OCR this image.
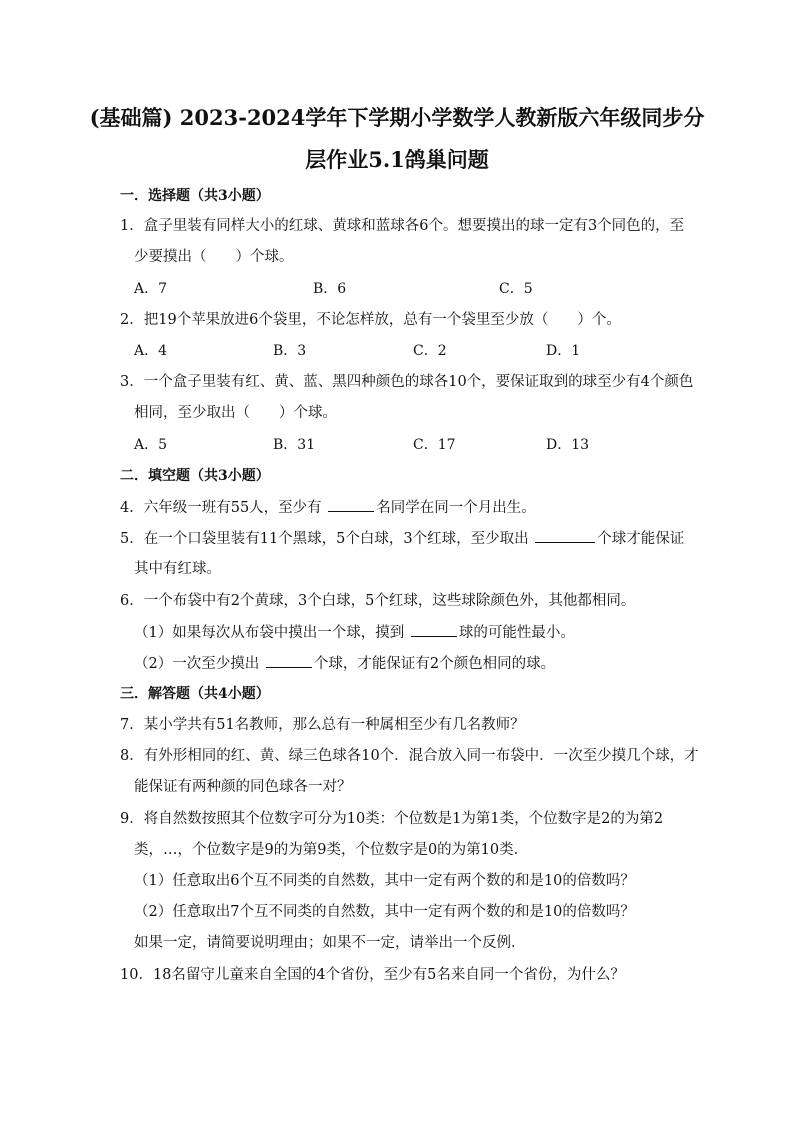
(基础篇) 2023-2024学年下学期小学数学人教新版六年级同步分
层作业5.1鸽巢问题
一．选择题（共3小题）
1．盒子里装有同样大小的红球、黄球和蓝球各6个。想要摸出的球一定有3个同色的，至
少要摸出（　　）个球。
A．7	B．6	C．5
2．把19个苹果放进6个袋里，不论怎样放，总有一个袋里至少放（　　）个。
A．4	B．3	C．2	D．1
3．一个盒子里装有红、黄、蓝、黑四种颜色的球各10个，要保证取到的球至少有4个颜色
相同，至少取出（　　）个球。
A．5	B．31	C．17	D．13
二．填空题（共3小题）
4．六年级一班有55人，至少有	名同学在同一个月出生。
5．在一个口袋里装有11个黑球，5个白球，3个红球，至少取出	个球才能保证
其中有红球。
6．一个布袋中有2个黄球，3个白球，5个红球，这些球除颜色外，其他都相同。
（1）如果每次从布袋中摸出一个球，摸到	球的可能性最小。
（2）一次至少摸出	个球，才能保证有2个颜色相同的球。
三．解答题（共4小题）
7．某小学共有51名教师，那么总有一种属相至少有几名教师？
8．有外形相同的红、黄、绿三色球各10个．混合放入同一布袋中．一次至少摸几个球，才
能保证有两种颜的同色球各一对？
9．将自然数按照其个位数字可分为10类：个位数是1为第1类，个位数字是2的为第2
类，…，个位数字是9的为第9类，个位数字是0的为第10类．
（1）任意取出6个互不同类的自然数，其中一定有两个数的和是10的倍数吗？
（2）任意取出7个互不同类的自然数，其中一定有两个数的和是10的倍数吗？
如果一定，请简要说明理由；如果不一定，请举出一个反例．
10．18名留守儿童来自全国的4个省份，至少有5名来自同一个省份，为什么？
